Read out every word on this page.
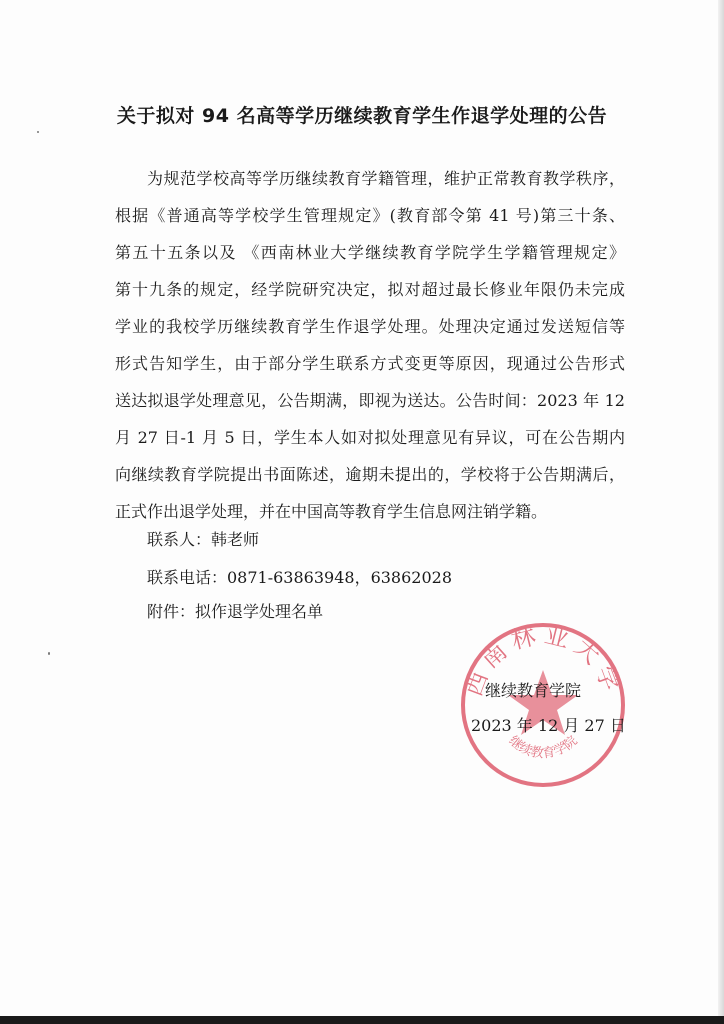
关于拟对 94 名高等学历继续教育学生作退学处理的公告
为规范学校高等学历继续教育学籍管理，维护正常教育教学秩序，
根据《普通高等学校学生管理规定》(教育部令第 41 号)第三十条、
第五十五条以及 《西南林业大学继续教育学院学生学籍管理规定》
第十九条的规定，经学院研究决定，拟对超过最长修业年限仍未完成
学业的我校学历继续教育学生作退学处理。处理决定通过发送短信等
形式告知学生，由于部分学生联系方式变更等原因，现通过公告形式
送达拟退学处理意见，公告期满，即视为送达。公告时间：2023 年 12
月 27 日-1 月 5 日，学生本人如对拟处理意见有异议，可在公告期内
向继续教育学院提出书面陈述，逾期未提出的，学校将于公告期满后，
正式作出退学处理，并在中国高等教育学生信息网注销学籍。
联系人：韩老师
联系电话：0871-63863948，63862028
附件：拟作退学处理名单
西南林业大学
继续教育学院
继续教育学院
2023 年 12 月 27 日
